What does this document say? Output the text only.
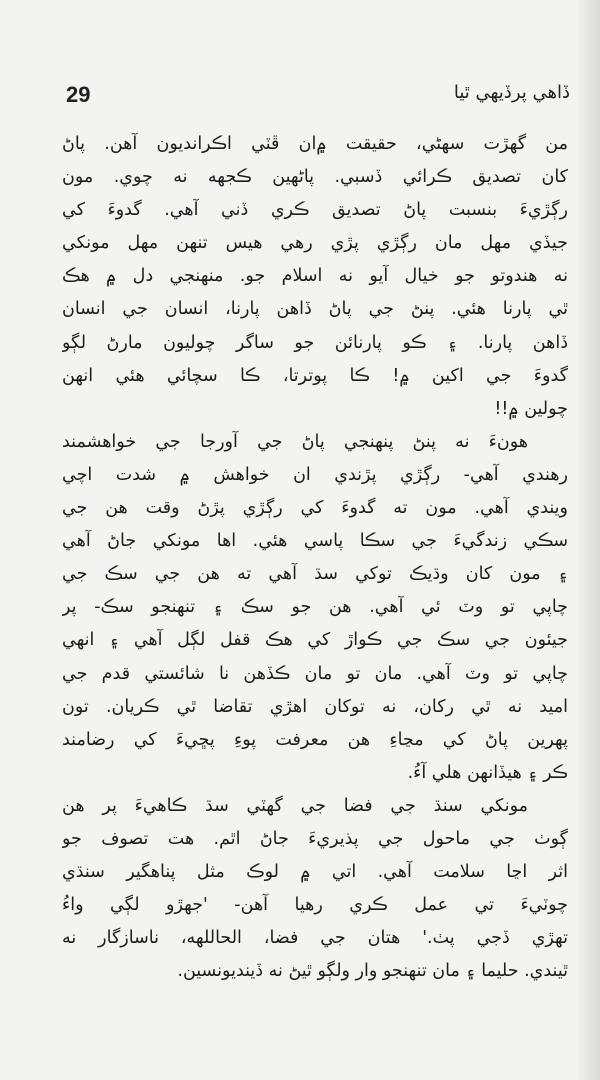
29	ڏاهي پرڏيهي ٿيا
من گهڙت سهڻي، حقيقت ۾ان ڦٽي اڪرانديون آهن. پاڻ
کان تصديق ڪرائي ڏسبي. پاڻهين ڪجهه نه چوي. مون
رڳڙيءَ بنسبت پاڻ تصديق ڪري ڏني آهي. گدوءَ کي
جيڏي مهل مان رڳڙي پڙي رهي هيس تنهن مهل مونکي
نه هندوتو جو خيال آيو نه اسلام جو. منهنجي دل ۾ هڪ
ٿي پارنا هئي. پنڻ جي پاڻ ڏاهن پارنا، انسان جي انسان
ڏاهن پارنا. ۽ ڪو پارنائن جو ساگر چوليون مارڻ لڳو
گدوءَ جي اکين ۾! ڪا پوترتا، ڪا سچائي هئي انهن
چولين ۾!!
هونءَ نه پنڻ پنهنجي پاڻ جي آورجا جي خواهشمند
رهندي آهي- رڳڙي پڙندي ان خواهش ۾ شدت اچي
ويندي آهي. مون ته گدوءَ کي رڳڙي پڙڻ وقت هن جي
سڪي زندگيءَ جي سڪا پاسي هئي. اها مونکي جاڻ آهي
۽ مون کان وڌيڪ توکي سڌ آهي ته هن جي سڪ جي
چاپي تو وٽ ئي آهي. هن جو سڪ ۽ تنهنجو سڪ- پر
جيئون جي سڪ جي ڪواڙ کي هڪ قفل لڳل آهي ۽ انهي
چاپي تو وٽ آهي. مان تو مان ڪڏهن نا شائستي قدم جي
اميد نه ٿي رکان، نه توکان اهڙي تقاضا ٿي ڪريان. تون
پهرين پاڻ کي مڃاءِ هن معرفت پوءِ پڇيءَ کي رضامند
ڪر ۽ هيڏانهن هلي آءُ.
مونکي سنڌ جي فضا جي گهٽي سڌ ڪاهيءَ پر هن
ڳوٺ جي ماحول جي پذيريءَ جاڻ اٿم. هت تصوف جو
اثر اڃا سلامت آهي. اتي ۾ لوڪ مثل پناهگير سنڌي
چوٽيءَ تي عمل ڪري رهيا آهن- 'جهڙو لڳي واءُ
تهڙي ڏجي پٺ.' هتان جي فضا، الحاللهه، ناسازگار نه
ٿيندي. حليما ۽ مان تنهنجو وار ولڳو ٿيڻ نه ڏينديونسين.
